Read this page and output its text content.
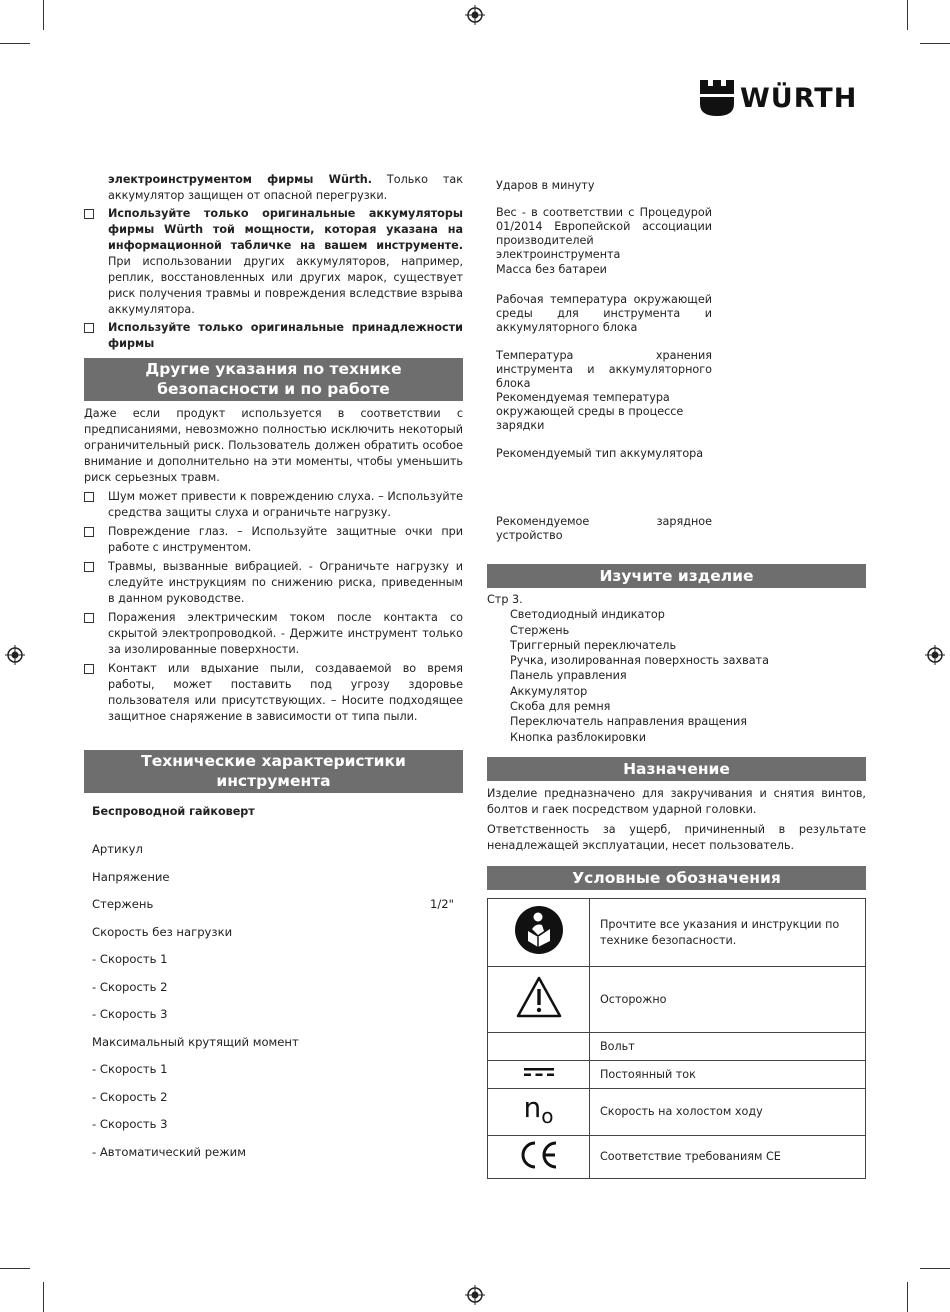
WÜRTH

электроинструментом фирмы Würth. Только так аккумулятор защищен от опасной перегрузки.

Используйте только оригинальные аккумуляторы фирмы Würth той мощности, которая указана на информационной табличке на вашем инструменте. При использовании других аккумуляторов, например, реплик, восстановленных или других марок, существует риск получения травмы и повреждения вследствие взрыва аккумулятора.

Используйте только оригинальные принадлежности фирмы

Другие указания по технике безопасности и по работе

Даже если продукт используется в соответствии с предписаниями, невозможно полностью исключить некоторый ограничительный риск. Пользователь должен обратить особое внимание и дополнительно на эти моменты, чтобы уменьшить риск серьезных травм.

Шум может привести к повреждению слуха. – Используйте средства защиты слуха и ограничьте нагрузку.

Повреждение глаз. – Используйте защитные очки при работе с инструментом.

Травмы, вызванные вибрацией. - Ограничьте нагрузку и следуйте инструкциям по снижению риска, приведенным в данном руководстве.

Поражения электрическим током после контакта со скрытой электропроводкой. - Держите инструмент только за изолированные поверхности.

Контакт или вдыхание пыли, создаваемой во время работы, может поставить под угрозу здоровье пользователя или присутствующих. – Носите подходящее защитное снаряжение в зависимости от типа пыли.

Технические характеристики инструмента
Беспроводной гайковерт
Артикул
Напряжение
Стержень	1/2"
Скорость без нагрузки
- Скорость 1
- Скорость 2
- Скорость 3
Максимальный крутящий момент
- Скорость 1
- Скорость 2
- Скорость 3
- Автоматический режим
Ударов в минуту
Вес - в соответствии с Процедурой 01/2014 Европейской ассоциации производителей электроинструмента
Масса без батареи
Рабочая температура окружающей среды для инструмента и аккумуляторного блока
Температура хранения инструмента и аккумуляторного блока
Рекомендуемая температура окружающей среды в процессе зарядки
Рекомендуемый тип аккумулятора
Рекомендуемое зарядное устройство
Изучите изделие
Стр 3.
Светодиодный индикатор
Стержень
Триггерный переключатель
Ручка, изолированная поверхность захвата
Панель управления
Аккумулятор
Скоба для ремня
Переключатель направления вращения
Кнопка разблокировки
Назначение

Изделие предназначено для закручивания и снятия винтов, болтов и гаек посредством ударной головки.

Ответственность за ущерб, причиненный в результате ненадлежащей эксплуатации, несет пользователь.

Условные обозначения
	Прочтите все указания и инструкции по технике безопасности.
	Осторожно
	Вольт
	Постоянный ток
$n_o$	Скорость на холостом ходу
	Соответствие требованиям CE
